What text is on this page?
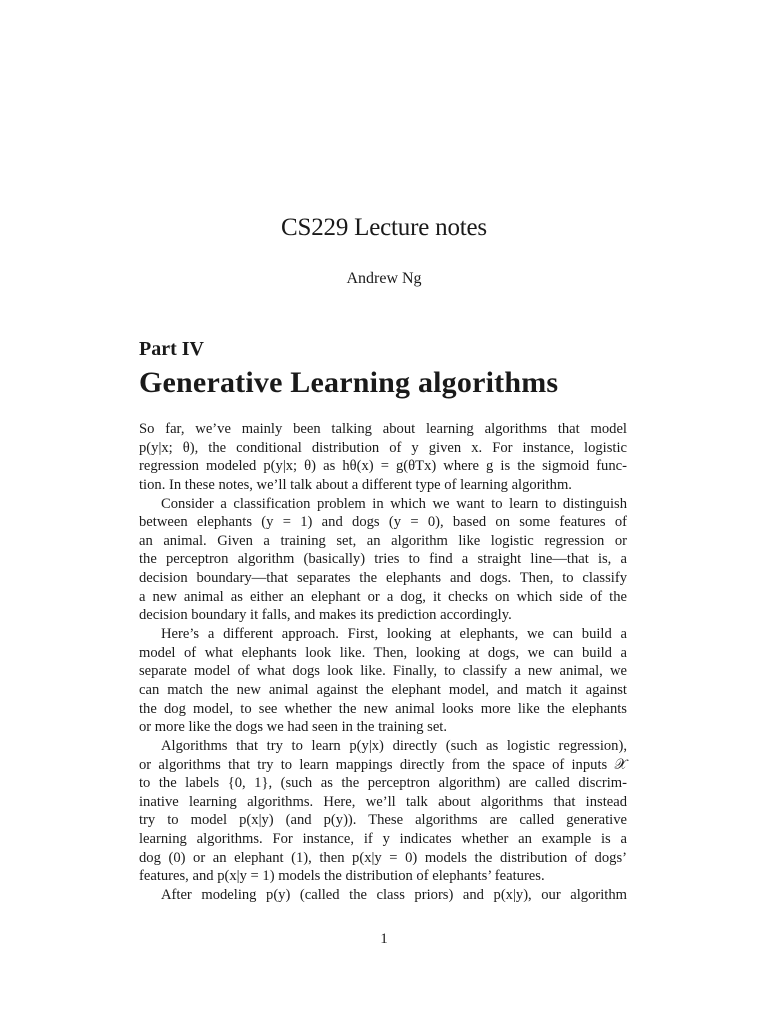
CS229 Lecture notes
Andrew Ng
Part IV
Generative Learning algorithms
So far, we’ve mainly been talking about learning algorithms that model
p(y|x; θ), the conditional distribution of y given x. For instance, logistic
regression modeled p(y|x; θ) as hθ(x) = g(θTx) where g is the sigmoid func-
tion. In these notes, we’ll talk about a different type of learning algorithm.
Consider a classification problem in which we want to learn to distinguish
between elephants (y = 1) and dogs (y = 0), based on some features of
an animal. Given a training set, an algorithm like logistic regression or
the perceptron algorithm (basically) tries to find a straight line—that is, a
decision boundary—that separates the elephants and dogs. Then, to classify
a new animal as either an elephant or a dog, it checks on which side of the
decision boundary it falls, and makes its prediction accordingly.
Here’s a different approach. First, looking at elephants, we can build a
model of what elephants look like. Then, looking at dogs, we can build a
separate model of what dogs look like. Finally, to classify a new animal, we
can match the new animal against the elephant model, and match it against
the dog model, to see whether the new animal looks more like the elephants
or more like the dogs we had seen in the training set.
Algorithms that try to learn p(y|x) directly (such as logistic regression),
or algorithms that try to learn mappings directly from the space of inputs 𝒳
to the labels {0, 1}, (such as the perceptron algorithm) are called discrim-
inative learning algorithms. Here, we’ll talk about algorithms that instead
try to model p(x|y) (and p(y)). These algorithms are called generative
learning algorithms. For instance, if y indicates whether an example is a
dog (0) or an elephant (1), then p(x|y = 0) models the distribution of dogs’
features, and p(x|y = 1) models the distribution of elephants’ features.
After modeling p(y) (called the class priors) and p(x|y), our algorithm
1
